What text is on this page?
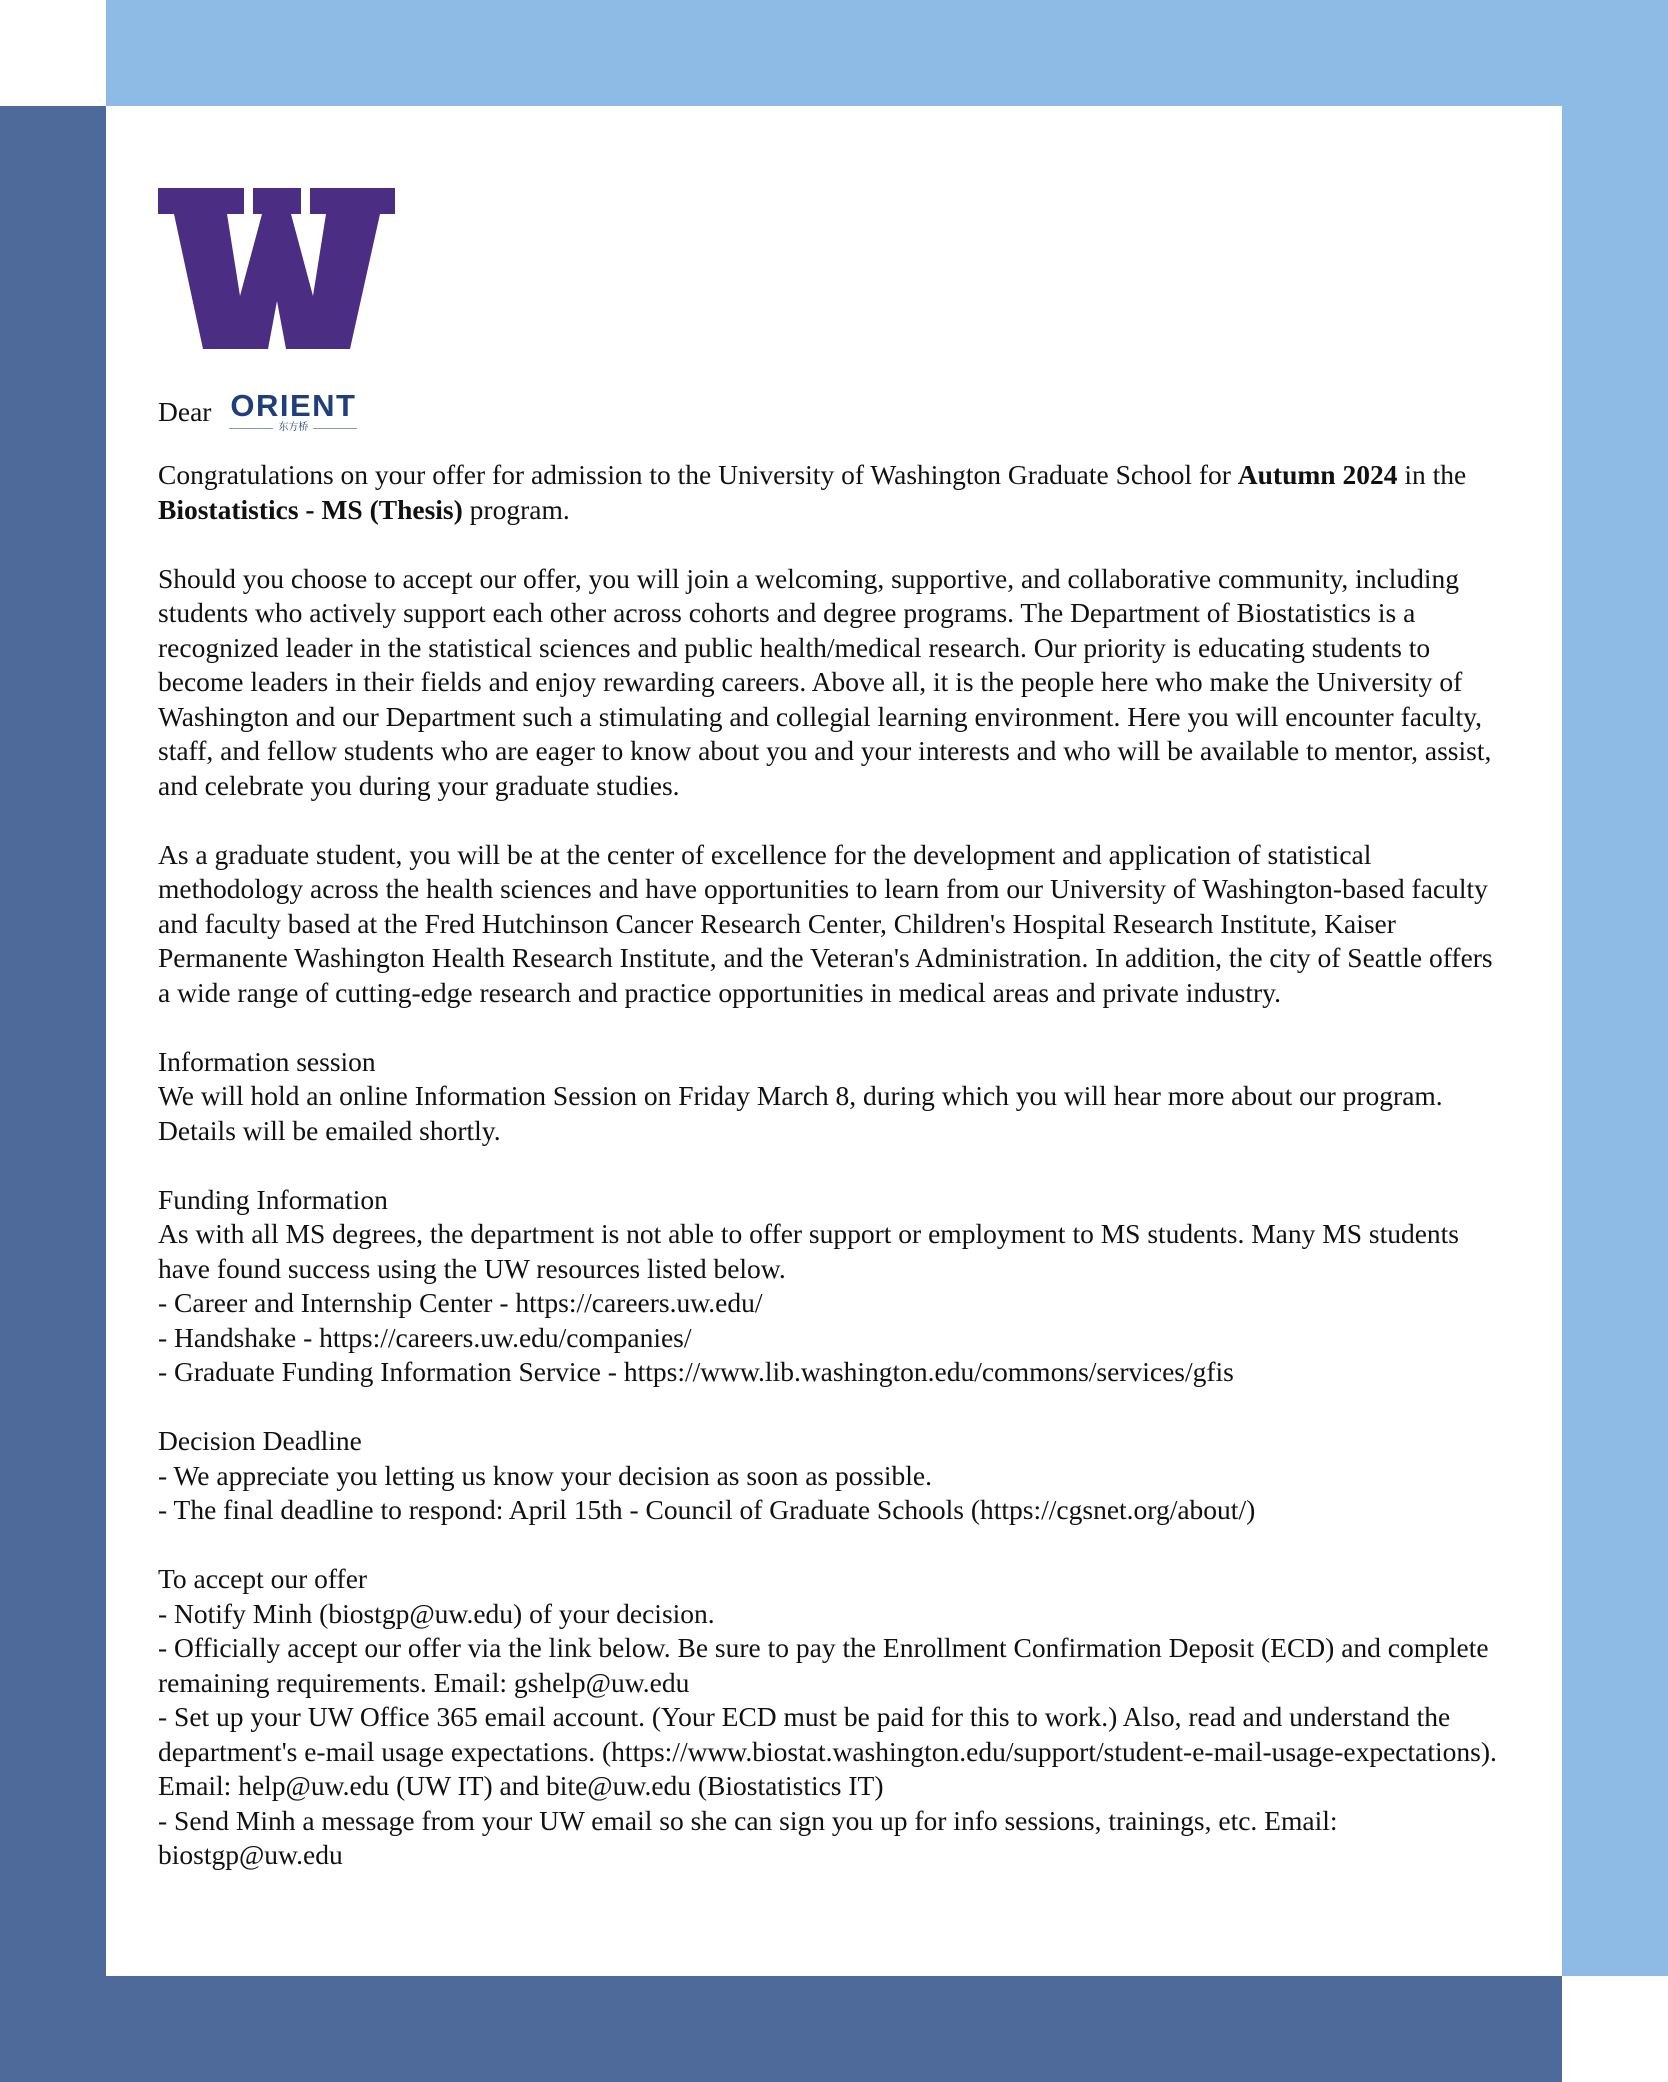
Dear ORIENT
东方桥

Congratulations on your offer for admission to the University of Washington Graduate School for Autumn 2024 in the Biostatistics - MS (Thesis) program.

Should you choose to accept our offer, you will join a welcoming, supportive, and collaborative community, including students who actively support each other across cohorts and degree programs. The Department of Biostatistics is a recognized leader in the statistical sciences and public health/medical research. Our priority is educating students to become leaders in their fields and enjoy rewarding careers. Above all, it is the people here who make the University of Washington and our Department such a stimulating and collegial learning environment. Here you will encounter faculty, staff, and fellow students who are eager to know about you and your interests and who will be available to mentor, assist, and celebrate you during your graduate studies.

As a graduate student, you will be at the center of excellence for the development and application of statistical methodology across the health sciences and have opportunities to learn from our University of Washington-based faculty and faculty based at the Fred Hutchinson Cancer Research Center, Children's Hospital Research Institute, Kaiser Permanente Washington Health Research Institute, and the Veteran's Administration. In addition, the city of Seattle offers a wide range of cutting-edge research and practice opportunities in medical areas and private industry.

Information session
We will hold an online Information Session on Friday March 8, during which you will hear more about our program. Details will be emailed shortly.
Funding Information
As with all MS degrees, the department is not able to offer support or employment to MS students. Many MS students have found success using the UW resources listed below.
- Career and Internship Center - https://careers.uw.edu/
- Handshake - https://careers.uw.edu/companies/
- Graduate Funding Information Service - https://www.lib.washington.edu/commons/services/gfis
Decision Deadline
- We appreciate you letting us know your decision as soon as possible.
- The final deadline to respond: April 15th - Council of Graduate Schools (https://cgsnet.org/about/)
To accept our offer
- Notify Minh (biostgp@uw.edu) of your decision.
- Officially accept our offer via the link below. Be sure to pay the Enrollment Confirmation Deposit (ECD) and complete remaining requirements. Email: gshelp@uw.edu
- Set up your UW Office 365 email account. (Your ECD must be paid for this to work.) Also, read and understand the department's e-mail usage expectations. (https://www.biostat.washington.edu/support/student-e-mail-usage-expectations). Email: help@uw.edu (UW IT) and bite@uw.edu (Biostatistics IT)
- Send Minh a message from your UW email so she can sign you up for info sessions, trainings, etc. Email: biostgp@uw.edu
